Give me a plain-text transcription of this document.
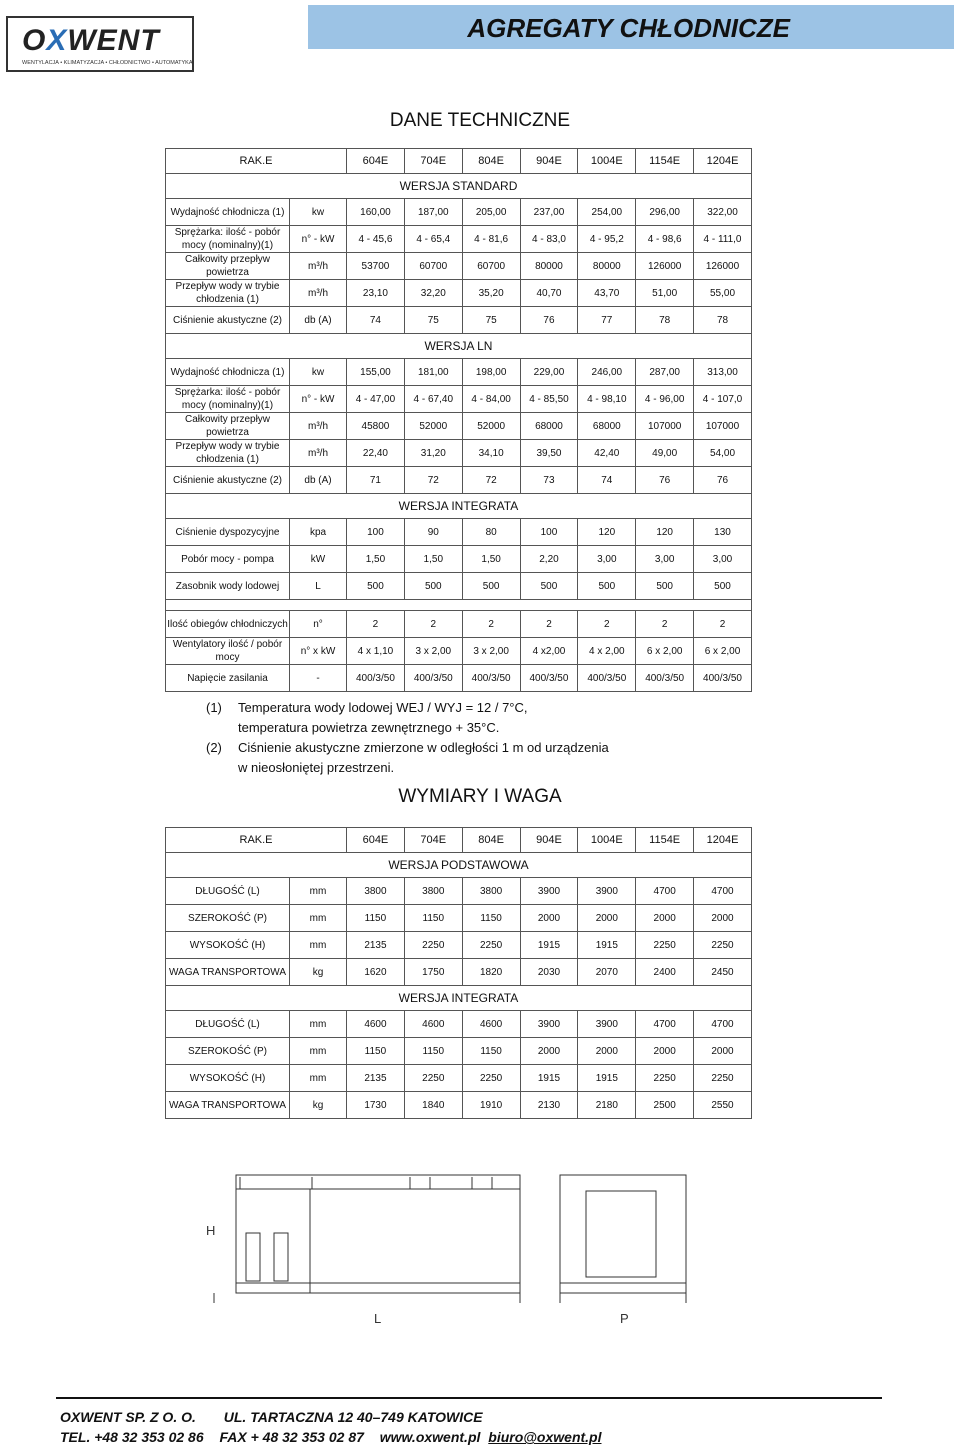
OXWENT
WENTYLACJA • KLIMATYZACJA • CHŁODNICTWO • AUTOMATYKA
AGREGATY CHŁODNICZE
DANE TECHNICZNE
RAK.E		604E	704E	804E	904E	1004E	1154E	1204E
WERSJA STANDARD								
Wydajność chłodnicza (1)	kw	160,00	187,00	205,00	237,00	254,00	296,00	322,00
Sprężarka: ilość - pobór mocy (nominalny)(1)	n° - kW	4 - 45,6	4 - 65,4	4 - 81,6	4 - 83,0	4 - 95,2	4 - 98,6	4 - 111,0
Całkowity przepływ powietrza	m³/h	53700	60700	60700	80000	80000	126000	126000
Przepływ wody w trybie chłodzenia (1)	m³/h	23,10	32,20	35,20	40,70	43,70	51,00	55,00
Ciśnienie akustyczne (2)	db (A)	74	75	75	76	77	78	78
WERSJA LN								
Wydajność chłodnicza (1)	kw	155,00	181,00	198,00	229,00	246,00	287,00	313,00
Sprężarka: ilość - pobór mocy (nominalny)(1)	n° - kW	4 - 47,00	4 - 67,40	4 - 84,00	4 - 85,50	4 - 98,10	4 - 96,00	4 - 107,0
Całkowity przepływ powietrza	m³/h	45800	52000	52000	68000	68000	107000	107000
Przepływ wody w trybie chłodzenia (1)	m³/h	22,40	31,20	34,10	39,50	42,40	49,00	54,00
Ciśnienie akustyczne (2)	db (A)	71	72	72	73	74	76	76
WERSJA INTEGRATA								
Ciśnienie dyspozycyjne	kpa	100	90	80	100	120	120	130
Pobór mocy - pompa	kW	1,50	1,50	1,50	2,20	3,00	3,00	3,00
Zasobnik wody lodowej	L	500	500	500	500	500	500	500

Ilość obiegów chłodniczych	n°	2	2	2	2	2	2	2
Wentylatory ilość / pobór mocy	n° x kW	4 x 1,10	3 x 2,00	3 x 2,00	4 x2,00	4 x 2,00	6 x 2,00	6 x 2,00
Napięcie zasilania	-	400/3/50	400/3/50	400/3/50	400/3/50	400/3/50	400/3/50	400/3/50
(1)	Temperatura wody lodowej WEJ / WYJ = 12 / 7°C,
temperatura powietrza zewnętrznego + 35°C.
(2)	Ciśnienie akustyczne zmierzone w odległości 1 m od urządzenia
w nieosłoniętej przestrzeni.
WYMIARY I WAGA
RAK.E		604E	704E	804E	904E	1004E	1154E	1204E
WERSJA PODSTAWOWA								
DŁUGOŚĆ (L)	mm	3800	3800	3800	3900	3900	4700	4700
SZEROKOŚĆ (P)	mm	1150	1150	1150	2000	2000	2000	2000
WYSOKOŚĆ (H)	mm	2135	2250	2250	1915	1915	2250	2250
WAGA TRANSPORTOWA	kg	1620	1750	1820	2030	2070	2400	2450
WERSJA INTEGRATA								
DŁUGOŚĆ (L)	mm	4600	4600	4600	3900	3900	4700	4700
SZEROKOŚĆ (P)	mm	1150	1150	1150	2000	2000	2000	2000
WYSOKOŚĆ (H)	mm	2135	2250	2250	1915	1915	2250	2250
WAGA TRANSPORTOWA	kg	1730	1840	1910	2130	2180	2500	2550
H
L	P
OXWENT SP. Z O. O. UL. TARTACZNA 12 40–749 KATOWICE
TEL. +48 32 353 02 86 FAX + 48 32 353 02 87 www.oxwent.pl biuro@oxwent.pl
